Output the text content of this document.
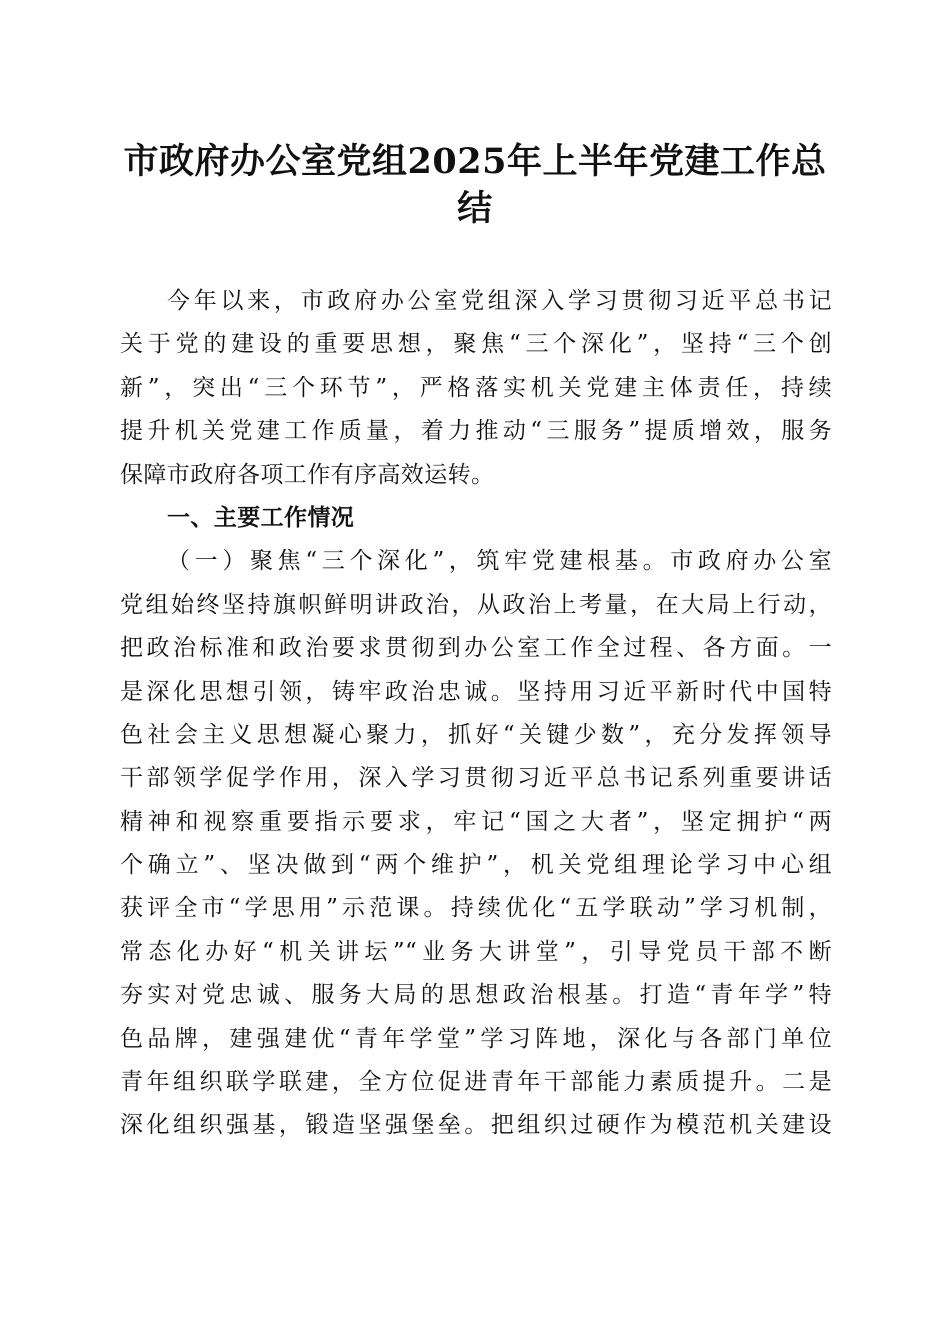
市政府办公室党组2025年上半年党建工作总
结
今年以来，市政府办公室党组深入学习贯彻习近平总书记
关于党的建设的重要思想，聚焦“三个深化”，坚持“三个创
新”，突出“三个环节”，严格落实机关党建主体责任，持续
提升机关党建工作质量，着力推动“三服务”提质增效，服务
保障市政府各项工作有序高效运转。
一、主要工作情况
（一）聚焦“三个深化”，筑牢党建根基。市政府办公室
党组始终坚持旗帜鲜明讲政治，从政治上考量，在大局上行动，
把政治标准和政治要求贯彻到办公室工作全过程、各方面。一
是深化思想引领，铸牢政治忠诚。坚持用习近平新时代中国特
色社会主义思想凝心聚力，抓好“关键少数”，充分发挥领导
干部领学促学作用，深入学习贯彻习近平总书记系列重要讲话
精神和视察重要指示要求，牢记“国之大者”，坚定拥护“两
个确立”、坚决做到“两个维护”，机关党组理论学习中心组
获评全市“学思用”示范课。持续优化“五学联动”学习机制，
常态化办好“机关讲坛”“业务大讲堂”，引导党员干部不断
夯实对党忠诚、服务大局的思想政治根基。打造“青年学”特
色品牌，建强建优“青年学堂”学习阵地，深化与各部门单位
青年组织联学联建，全方位促进青年干部能力素质提升。二是
深化组织强基，锻造坚强堡垒。把组织过硬作为模范机关建设
